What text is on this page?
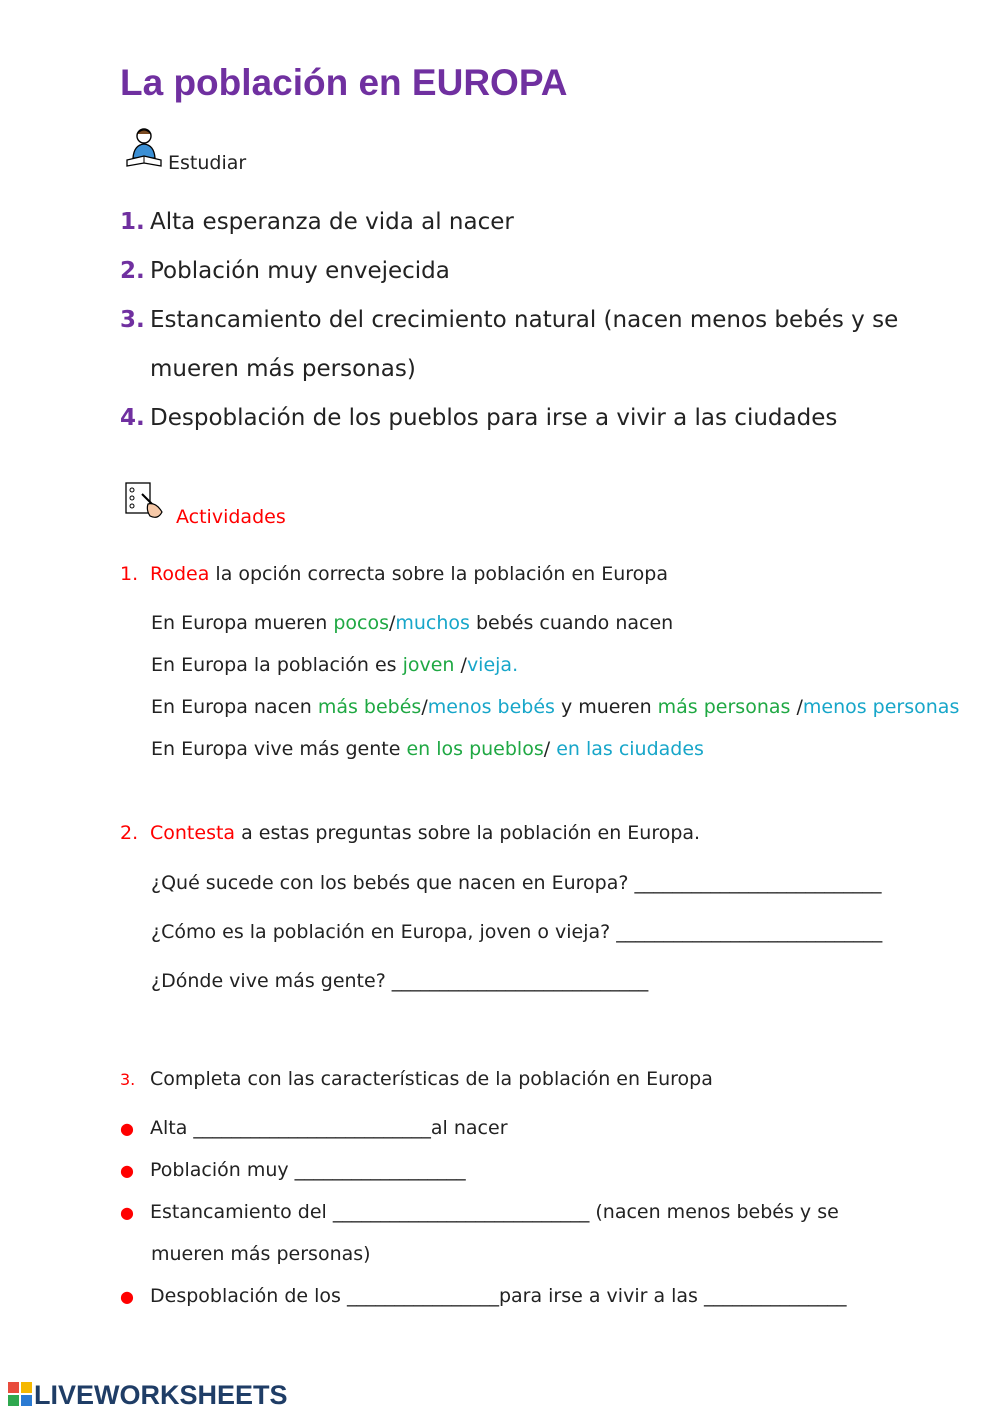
La población en EUROPA
Estudiar
1. Alta esperanza de vida al nacer
2. Población muy envejecida
3. Estancamiento del crecimiento natural (nacen menos bebés y se
mueren más personas)
4. Despoblación de los pueblos para irse a vivir a las ciudades
Actividades
1. Rodea la opción correcta sobre la población en Europa
En Europa mueren pocos/muchos bebés cuando nacen
En Europa la población es joven /vieja.
En Europa nacen más bebés/menos bebés y mueren más personas /menos personas
En Europa vive más gente en los pueblos/ en las ciudades
2. Contesta a estas preguntas sobre la población en Europa.
¿Qué sucede con los bebés que nacen en Europa? __________________________
¿Cómo es la población en Europa, joven o vieja? ____________________________
¿Dónde vive más gente? ___________________________
3. Completa con las características de la población en Europa
● Alta _________________________al nacer
● Población muy __________________
● Estancamiento del ___________________________ (nacen menos bebés y se
mueren más personas)
● Despoblación de los ________________para irse a vivir a las _______________
LIVEWORKSHEETS
